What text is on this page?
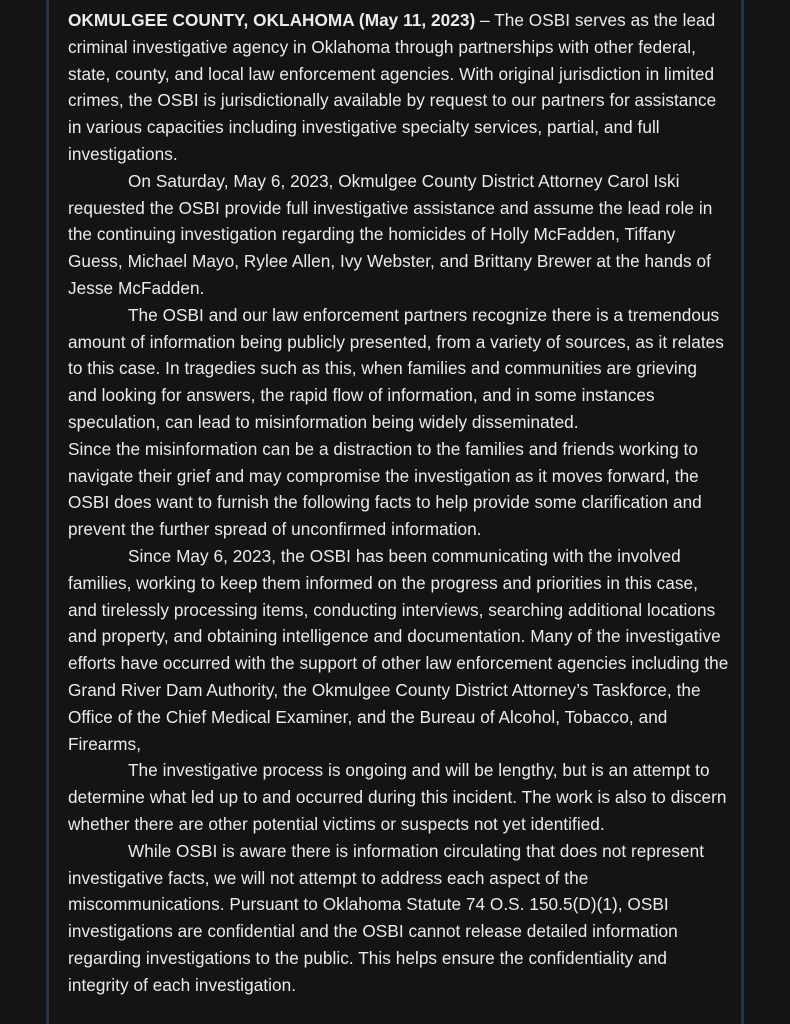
OKMULGEE COUNTY, OKLAHOMA (May 11, 2023) – The OSBI serves as the lead criminal investigative agency in Oklahoma through partnerships with other federal, state, county, and local law enforcement agencies. With original jurisdiction in limited crimes, the OSBI is jurisdictionally available by request to our partners for assistance in various capacities including investigative specialty services, partial, and full investigations.

On Saturday, May 6, 2023, Okmulgee County District Attorney Carol Iski requested the OSBI provide full investigative assistance and assume the lead role in the continuing investigation regarding the homicides of Holly McFadden, Tiffany Guess, Michael Mayo, Rylee Allen, Ivy Webster, and Brittany Brewer at the hands of Jesse McFadden.

The OSBI and our law enforcement partners recognize there is a tremendous amount of information being publicly presented, from a variety of sources, as it relates to this case. In tragedies such as this, when families and communities are grieving and looking for answers, the rapid flow of information, and in some instances speculation, can lead to misinformation being widely disseminated.

Since the misinformation can be a distraction to the families and friends working to navigate their grief and may compromise the investigation as it moves forward, the OSBI does want to furnish the following facts to help provide some clarification and prevent the further spread of unconfirmed information.

Since May 6, 2023, the OSBI has been communicating with the involved families, working to keep them informed on the progress and priorities in this case, and tirelessly processing items, conducting interviews, searching additional locations and property, and obtaining intelligence and documentation. Many of the investigative efforts have occurred with the support of other law enforcement agencies including the Grand River Dam Authority, the Okmulgee County District Attorney’s Taskforce, the Office of the Chief Medical Examiner, and the Bureau of Alcohol, Tobacco, and Firearms,

The investigative process is ongoing and will be lengthy, but is an attempt to determine what led up to and occurred during this incident. The work is also to discern whether there are other potential victims or suspects not yet identified.

While OSBI is aware there is information circulating that does not represent investigative facts, we will not attempt to address each aspect of the miscommunications. Pursuant to Oklahoma Statute 74 O.S. 150.5(D)(1), OSBI investigations are confidential and the OSBI cannot release detailed information regarding investigations to the public. This helps ensure the confidentiality and integrity of each investigation.
